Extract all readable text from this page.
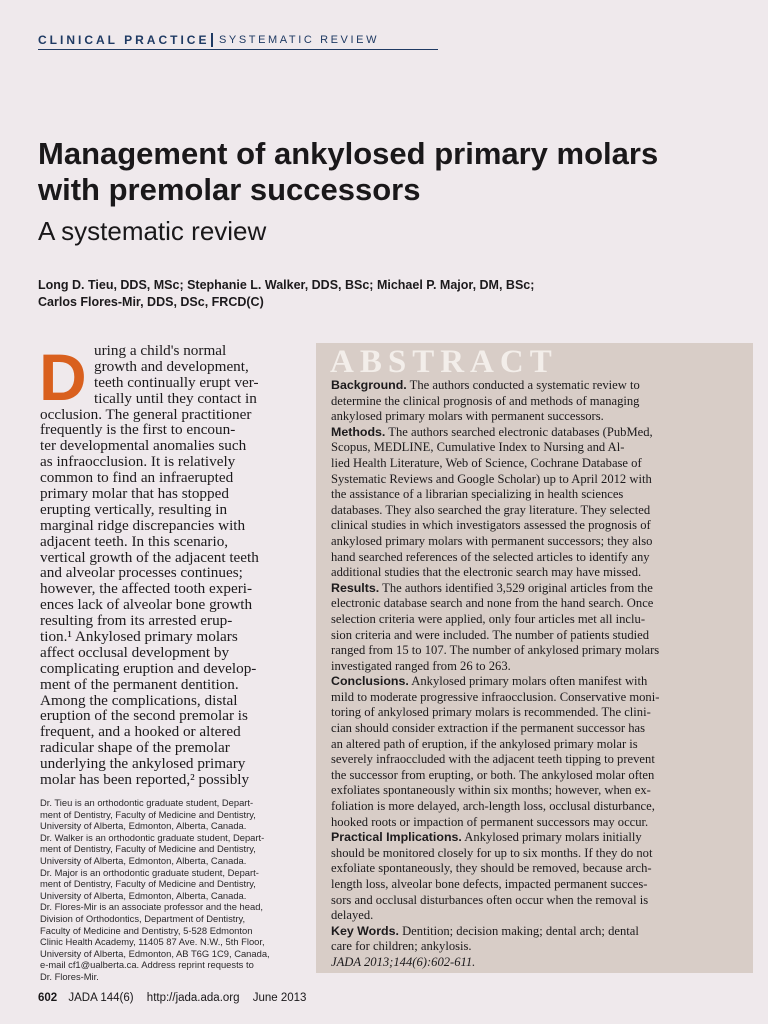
CLINICAL PRACTICE SYSTEMATIC REVIEW
Management of ankylosed primary molars
with premolar successors
A systematic review
Long D. Tieu, DDS, MSc; Stephanie L. Walker, DDS, BSc; Michael P. Major, DM, BSc;
Carlos Flores-Mir, DDS, DSc, FRCD(C)
D uring a child's normal
growth and development,
teeth continually erupt ver-
tically until they contact in
occlusion. The general practitioner
frequently is the first to encoun-
ter developmental anomalies such
as infraocclusion. It is relatively
common to find an infraerupted
primary molar that has stopped
erupting vertically, resulting in
marginal ridge discrepancies with
adjacent teeth. In this scenario,
vertical growth of the adjacent teeth
and alveolar processes continues;
however, the affected tooth experi-
ences lack of alveolar bone growth
resulting from its arrested erup-
tion.¹ Ankylosed primary molars
affect occlusal development by
complicating eruption and develop-
ment of the permanent dentition.
Among the complications, distal
eruption of the second premolar is
frequent, and a hooked or altered
radicular shape of the premolar
underlying the ankylosed primary
molar has been reported,² possibly
Dr. Tieu is an orthodontic graduate student, Depart-
ment of Dentistry, Faculty of Medicine and Dentistry,
University of Alberta, Edmonton, Alberta, Canada.
Dr. Walker is an orthodontic graduate student, Depart-
ment of Dentistry, Faculty of Medicine and Dentistry,
University of Alberta, Edmonton, Alberta, Canada.
Dr. Major is an orthodontic graduate student, Depart-
ment of Dentistry, Faculty of Medicine and Dentistry,
University of Alberta, Edmonton, Alberta, Canada.
Dr. Flores-Mir is an associate professor and the head,
Division of Orthodontics, Department of Dentistry,
Faculty of Medicine and Dentistry, 5-528 Edmonton
Clinic Health Academy, 11405 87 Ave. N.W., 5th Floor,
University of Alberta, Edmonton, AB T6G 1C9, Canada,
e-mail cf1@ualberta.ca. Address reprint requests to
Dr. Flores-Mir.
ABSTRACT
Background. The authors conducted a systematic review to
determine the clinical prognosis of and methods of managing
ankylosed primary molars with permanent successors.
Methods. The authors searched electronic databases (PubMed,
Scopus, MEDLINE, Cumulative Index to Nursing and Al-
lied Health Literature, Web of Science, Cochrane Database of
Systematic Reviews and Google Scholar) up to April 2012 with
the assistance of a librarian specializing in health sciences
databases. They also searched the gray literature. They selected
clinical studies in which investigators assessed the prognosis of
ankylosed primary molars with permanent successors; they also
hand searched references of the selected articles to identify any
additional studies that the electronic search may have missed.
Results. The authors identified 3,529 original articles from the
electronic database search and none from the hand search. Once
selection criteria were applied, only four articles met all inclu-
sion criteria and were included. The number of patients studied
ranged from 15 to 107. The number of ankylosed primary molars
investigated ranged from 26 to 263.
Conclusions. Ankylosed primary molars often manifest with
mild to moderate progressive infraocclusion. Conservative moni-
toring of ankylosed primary molars is recommended. The clini-
cian should consider extraction if the permanent successor has
an altered path of eruption, if the ankylosed primary molar is
severely infraoccluded with the adjacent teeth tipping to prevent
the successor from erupting, or both. The ankylosed molar often
exfoliates spontaneously within six months; however, when ex-
foliation is more delayed, arch-length loss, occlusal disturbance,
hooked roots or impaction of permanent successors may occur.
Practical Implications. Ankylosed primary molars initially
should be monitored closely for up to six months. If they do not
exfoliate spontaneously, they should be removed, because arch-
length loss, alveolar bone defects, impacted permanent succes-
sors and occlusal disturbances often occur when the removal is
delayed.
Key Words. Dentition; decision making; dental arch; dental
care for children; ankylosis.
JADA 2013;144(6):602-611.
602 JADA 144(6) http://jada.ada.org June 2013
